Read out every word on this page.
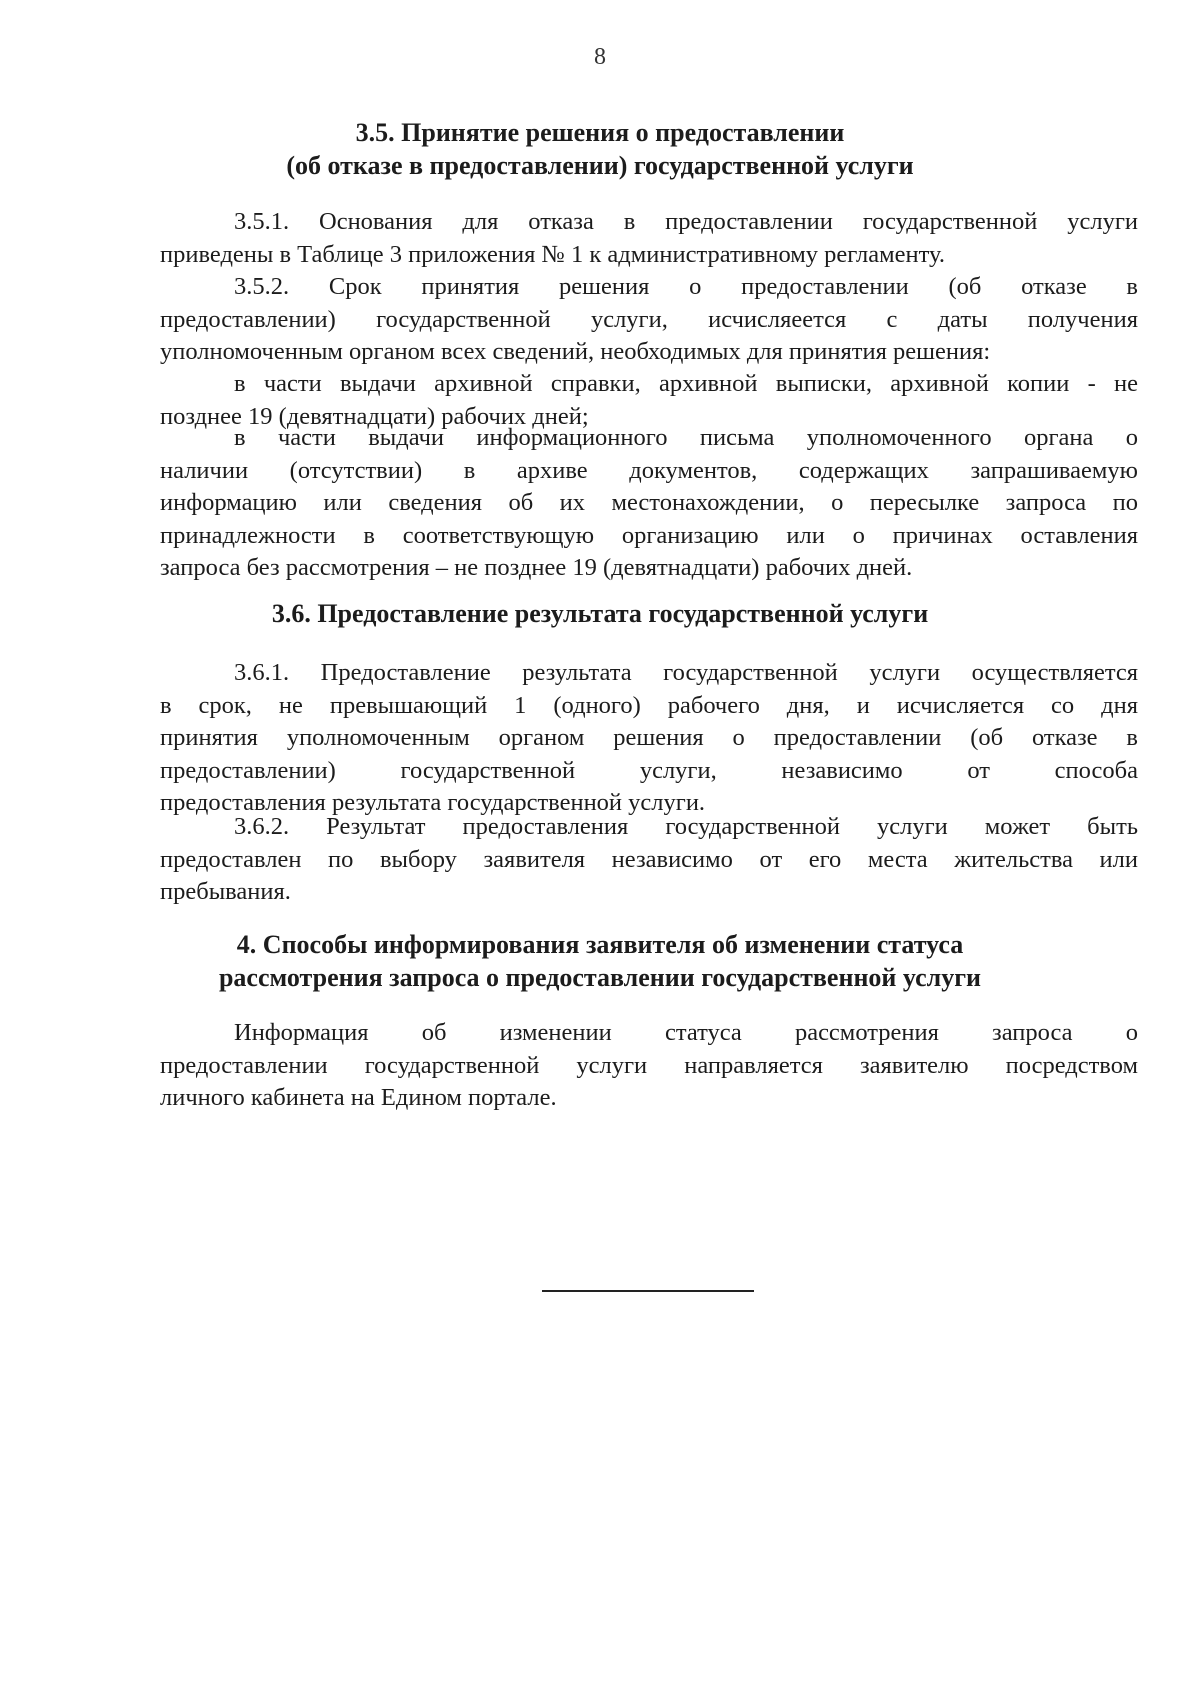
8
3.5. Принятие решения о предоставлении
(об отказе в предоставлении) государственной услуги
3.5.1. Основания для отказа в предоставлении государственной услуги
приведены в Таблице 3 приложения № 1 к административному регламенту.
3.5.2. Срок принятия решения о предоставлении (об отказе в
предоставлении) государственной услуги, исчисляеется с даты получения
уполномоченным органом всех сведений, необходимых для принятия решения:
в части выдачи архивной справки, архивной выписки, архивной копии - не
позднее 19 (девятнадцати) рабочих дней;
в части выдачи информационного письма уполномоченного органа о
наличии (отсутствии) в архиве документов, содержащих запрашиваемую
информацию или сведения об их местонахождении, о пересылке запроса по
принадлежности в соответствующую организацию или о причинах оставления
запроса без рассмотрения – не позднее 19 (девятнадцати) рабочих дней.
3.6. Предоставление результата государственной услуги
3.6.1. Предоставление результата государственной услуги осуществляется
в срок, не превышающий 1 (одного) рабочего дня, и исчисляется со дня
принятия уполномоченным органом решения о предоставлении (об отказе в
предоставлении) государственной услуги, независимо от способа
предоставления результата государственной услуги.
3.6.2. Результат предоставления государственной услуги может быть
предоставлен по выбору заявителя независимо от его места жительства или
пребывания.
4. Способы информирования заявителя об изменении статуса
рассмотрения запроса о предоставлении государственной услуги
Информация об изменении статуса рассмотрения запроса о
предоставлении государственной услуги направляется заявителю посредством
личного кабинета на Едином портале.
